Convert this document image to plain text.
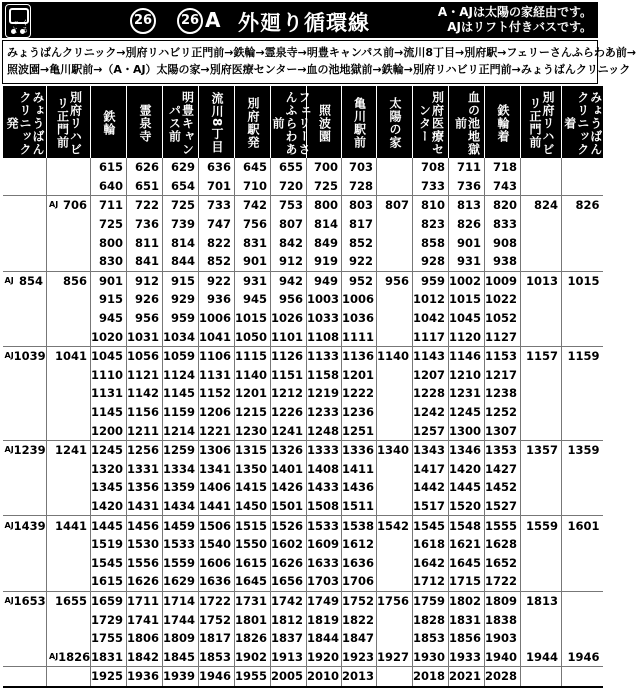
くるっと	26	26 A 外廻り循環線	A・AJは太陽の家経由です。
AJはリフト付きバスです。
みょうばんクリニック→別府リハビリ正門前→鉄輪→霊泉寺→明豊キャンパス前→流川8丁目→別府駅→フェリーさんふらわあ前→
照波園→亀川駅前→（A・AJ）太陽の家→別府医療センター→血の池地獄前→鉄輪→別府リハビリ正門前→みょうばんクリニック
みょうばんクリニック発	別府リハビリ正門前	鉄輪	霊泉寺	明豊キャンパス前	流川8丁目	別府駅発	フェリーさんふらわあ前	照波園	亀川駅前	太陽の家	別府医療センター	血の池地獄前	鉄輪着	別府リハビリ正門前	みょうばんクリニック着

		615	626	629	636	645	655	700	703		708	711	718		
		640	651	654	701	710	720	725	728		733	736	743		

	AJ 706	711	722	725	733	742	753	800	803	807	810	813	820	824	826
		725	736	739	747	756	807	814	817		823	826	833		
		800	811	814	822	831	842	849	852		858	901	908		
		830	841	844	852	901	912	919	922		928	931	938		

AJ 854	856	901	912	915	922	931	942	949	952	956	959	1002	1009	1013	1015
		915	926	929	936	945	956	1003	1006		1012	1015	1022		
		945	956	959	1006	1015	1026	1033	1036		1042	1045	1052		
		1020	1031	1034	1041	1050	1101	1108	1111		1117	1120	1127		

AJ 1039	1041	1045	1056	1059	1106	1115	1126	1133	1136	1140	1143	1146	1153	1157	1159
		1110	1121	1124	1131	1140	1151	1158	1201		1207	1210	1217		
		1131	1142	1145	1152	1201	1212	1219	1222		1228	1231	1238		
		1145	1156	1159	1206	1215	1226	1233	1236		1242	1245	1252		
		1200	1211	1214	1221	1230	1241	1248	1251		1257	1300	1307		

AJ 1239	1241	1245	1256	1259	1306	1315	1326	1333	1336	1340	1343	1346	1353	1357	1359
		1320	1331	1334	1341	1350	1401	1408	1411		1417	1420	1427		
		1345	1356	1359	1406	1415	1426	1433	1436		1442	1445	1452		
		1420	1431	1434	1441	1450	1501	1508	1511		1517	1520	1527		

AJ 1439	1441	1445	1456	1459	1506	1515	1526	1533	1538	1542	1545	1548	1555	1559	1601
		1519	1530	1533	1540	1550	1602	1609	1612		1618	1621	1628		
		1545	1556	1559	1606	1615	1626	1633	1636		1642	1645	1652		
		1615	1626	1629	1636	1645	1656	1703	1706		1712	1715	1722		

AJ 1653	1655	1659	1711	1714	1722	1731	1742	1749	1752	1756	1759	1802	1809	1813	
		1729	1741	1744	1752	1801	1812	1819	1822		1828	1831	1838		
		1755	1806	1809	1817	1826	1837	1844	1847		1853	1856	1903		

	AJ 1826	1831	1842	1845	1853	1902	1913	1920	1923	1927	1930	1933	1940	1944	1946
		1925	1936	1939	1946	1955	2005	2010	2013		2018	2021	2028		
